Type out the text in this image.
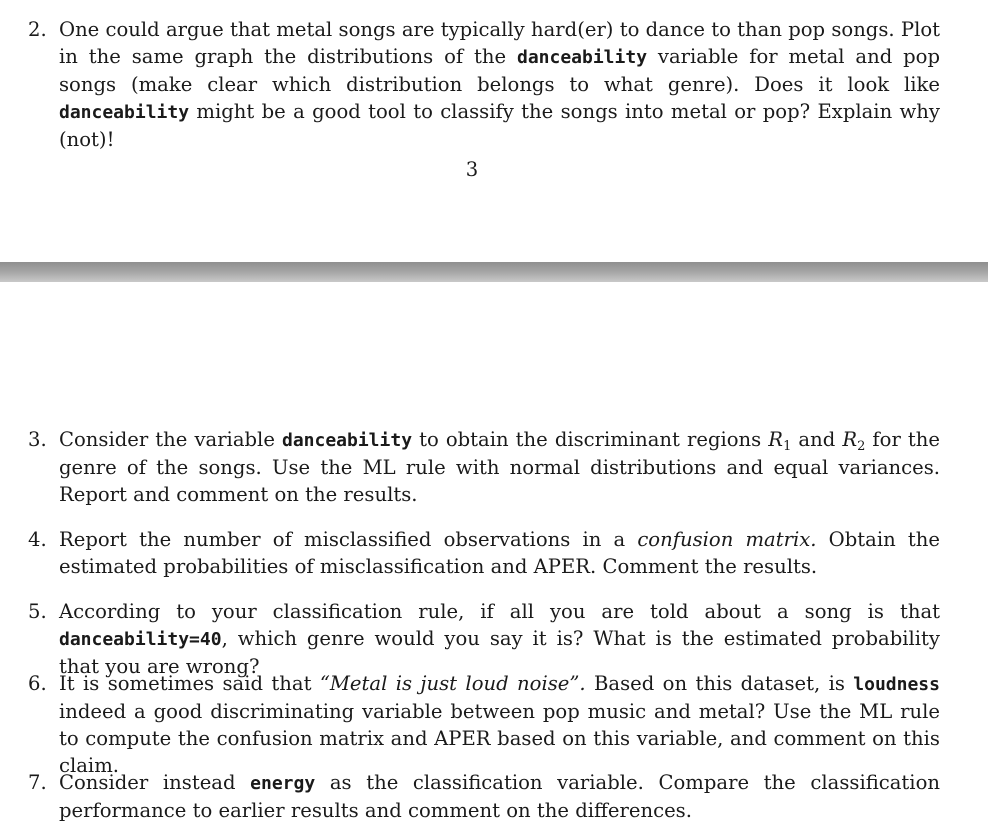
2. One could argue that metal songs are typically hard(er) to dance to than pop songs. Plot in the same graph the distributions of the danceability variable for metal and pop songs (make clear which distribution belongs to what genre). Does it look like danceability might be a good tool to classify the songs into metal or pop? Explain why (not)!
3
3. Consider the variable danceability to obtain the discriminant regions $R_1$ and $R_2$ for the genre of the songs. Use the ML rule with normal distributions and equal variances. Report and comment on the results.
4. Report the number of misclassified observations in a confusion matrix. Obtain the estimated probabilities of misclassification and APER. Comment the results.
5. According to your classification rule, if all you are told about a song is that danceability=40, which genre would you say it is? What is the estimated probability that you are wrong?
6. It is sometimes said that “Metal is just loud noise”. Based on this dataset, is loudness indeed a good discriminating variable between pop music and metal? Use the ML rule to compute the confusion matrix and APER based on this variable, and comment on this claim.
7. Consider instead energy as the classification variable. Compare the classification performance to earlier results and comment on the differences.
